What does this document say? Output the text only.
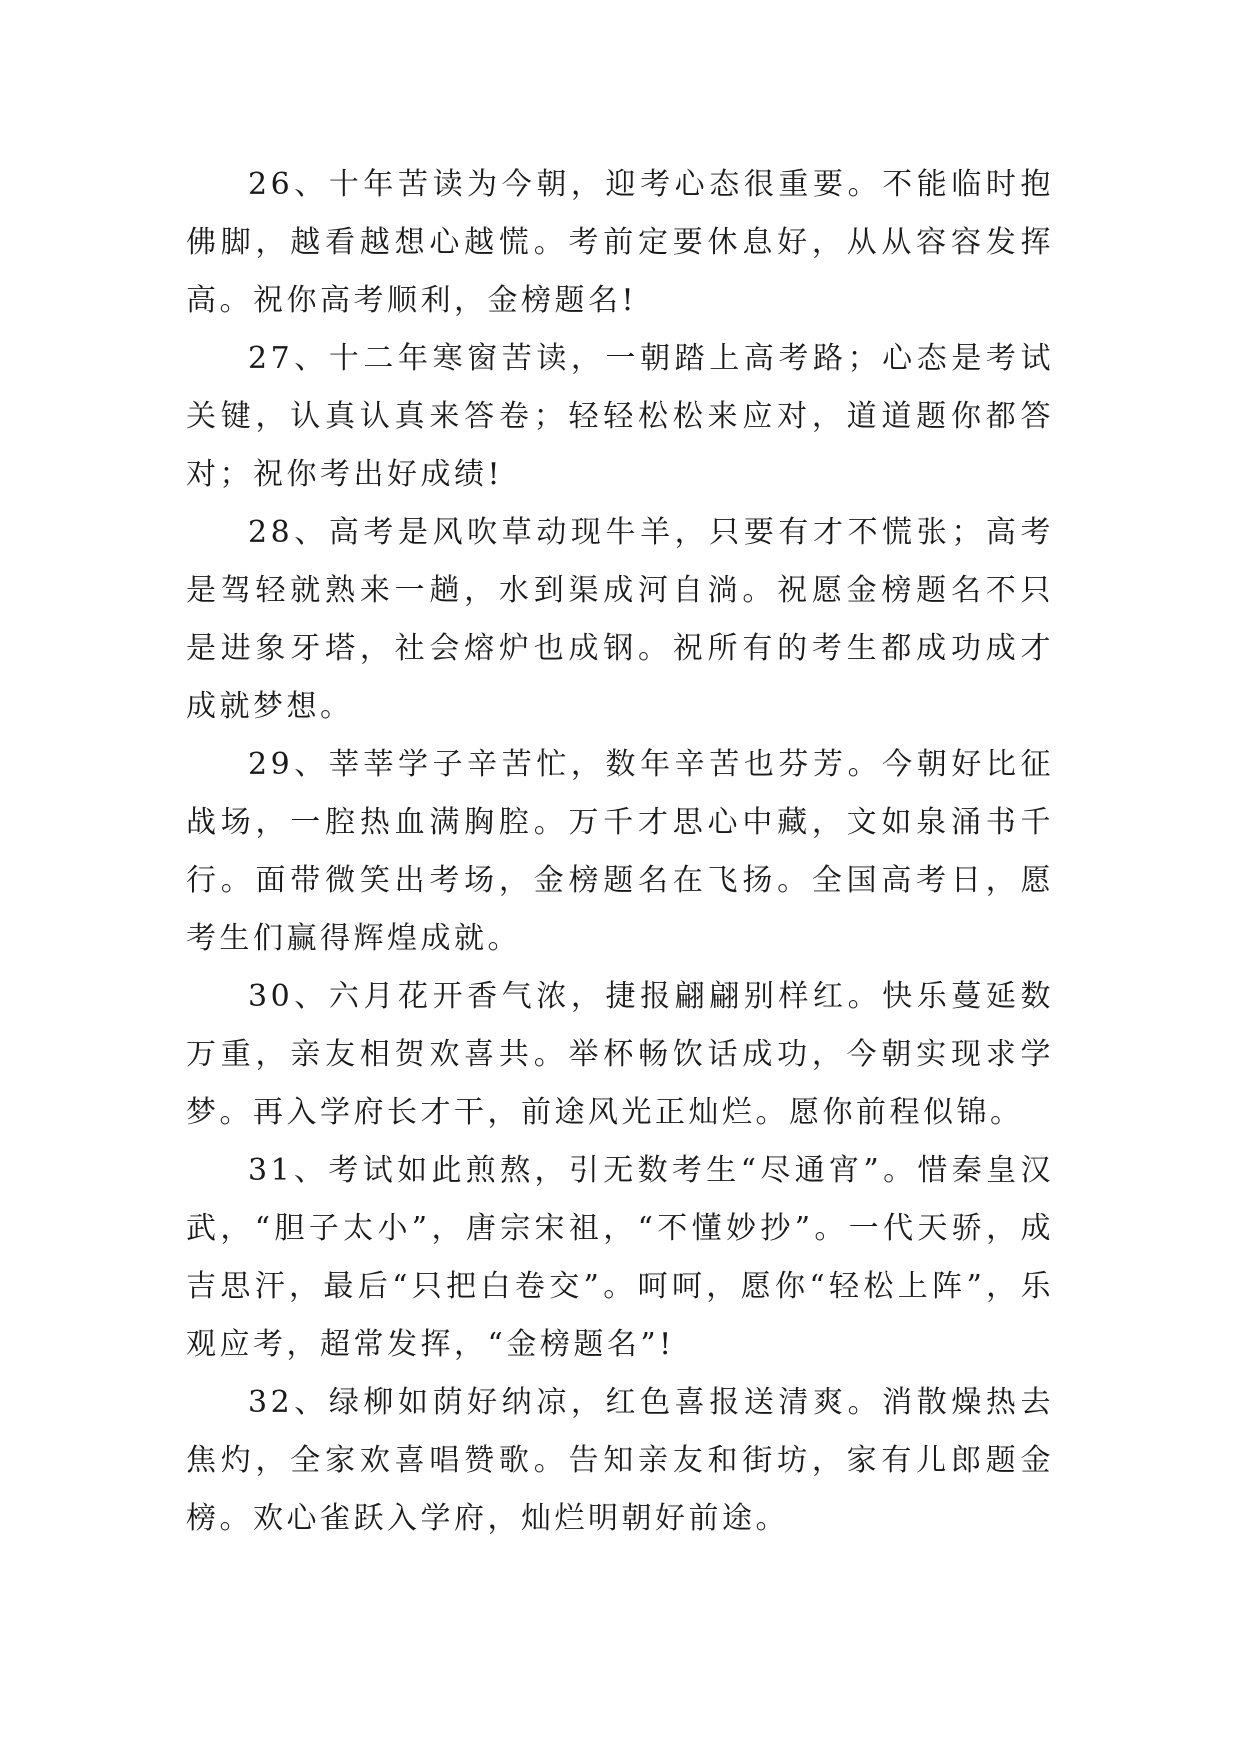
26、十年苦读为今朝，迎考心态很重要。不能临时抱佛脚，越看越想心越慌。考前定要休息好，从从容容发挥高。祝你高考顺利，金榜题名!

27、十二年寒窗苦读，一朝踏上高考路；心态是考试关键，认真认真来答卷；轻轻松松来应对，道道题你都答对；祝你考出好成绩!

28、高考是风吹草动现牛羊，只要有才不慌张；高考是驾轻就熟来一趟，水到渠成河自淌。祝愿金榜题名不只是进象牙塔，社会熔炉也成钢。祝所有的考生都成功成才成就梦想。

29、莘莘学子辛苦忙，数年辛苦也芬芳。今朝好比征战场，一腔热血满胸腔。万千才思心中藏，文如泉涌书千行。面带微笑出考场，金榜题名在飞扬。全国高考日，愿考生们赢得辉煌成就。

30、六月花开香气浓，捷报翩翩别样红。快乐蔓延数万重，亲友相贺欢喜共。举杯畅饮话成功，今朝实现求学梦。再入学府长才干，前途风光正灿烂。愿你前程似锦。

31、考试如此煎熬，引无数考生“尽通宵”。惜秦皇汉武，“胆子太小”，唐宗宋祖，“不懂妙抄”。一代天骄，成吉思汗，最后“只把白卷交”。呵呵，愿你“轻松上阵”，乐观应考，超常发挥，“金榜题名”!

32、绿柳如荫好纳凉，红色喜报送清爽。消散燥热去焦灼，全家欢喜唱赞歌。告知亲友和街坊，家有儿郎题金榜。欢心雀跃入学府，灿烂明朝好前途。
